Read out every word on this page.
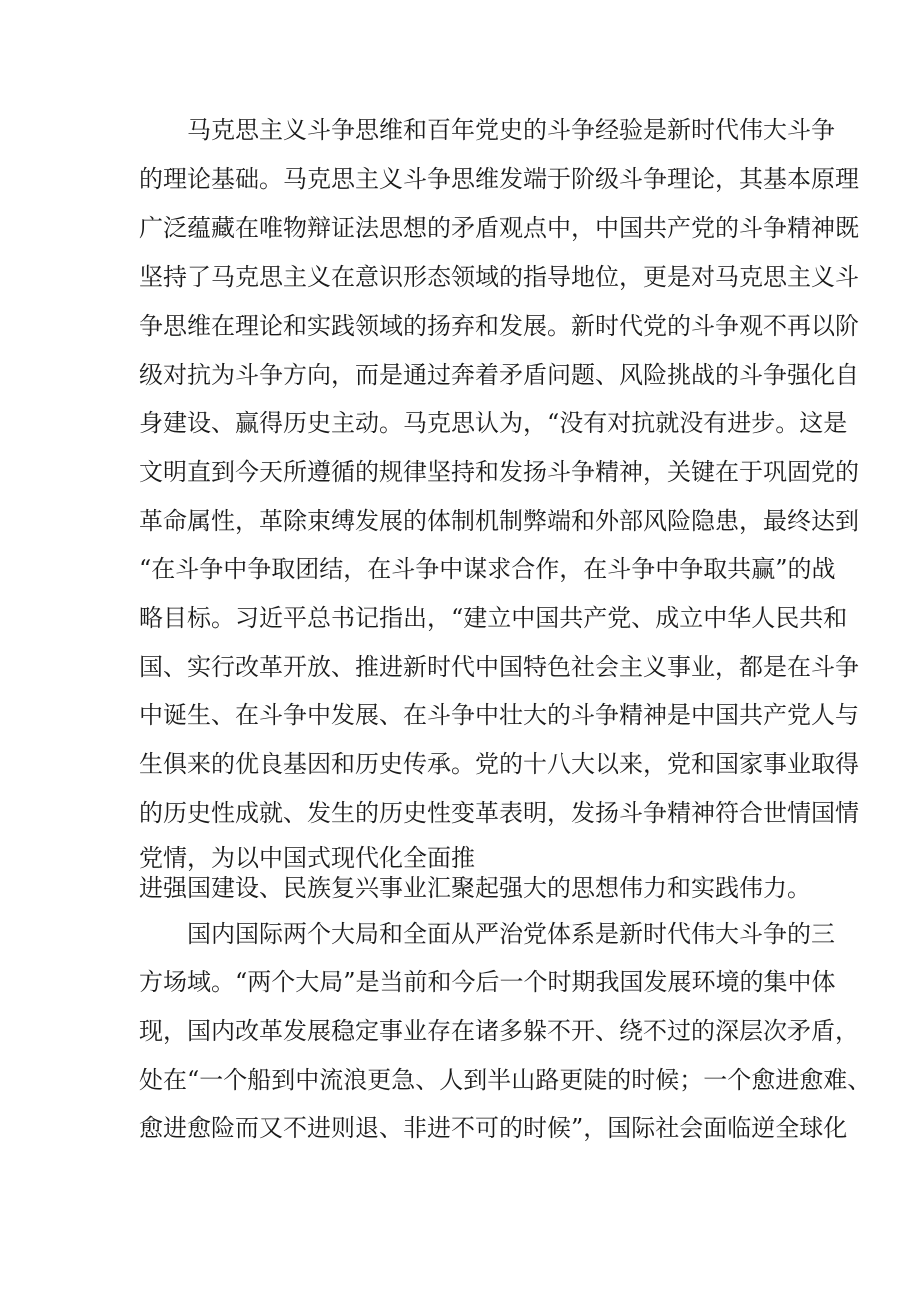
马克思主义斗争思维和百年党史的斗争经验是新时代伟大斗争
的理论基础。马克思主义斗争思维发端于阶级斗争理论，其基本原理
广泛蕴藏在唯物辩证法思想的矛盾观点中，中国共产党的斗争精神既
坚持了马克思主义在意识形态领域的指导地位，更是对马克思主义斗
争思维在理论和实践领域的扬弃和发展。新时代党的斗争观不再以阶
级对抗为斗争方向，而是通过奔着矛盾问题、风险挑战的斗争强化自
身建设、赢得历史主动。马克思认为，“没有对抗就没有进步。这是
文明直到今天所遵循的规律坚持和发扬斗争精神，关键在于巩固党的
革命属性，革除束缚发展的体制机制弊端和外部风险隐患，最终达到
“在斗争中争取团结，在斗争中谋求合作，在斗争中争取共赢”的战
略目标。习近平总书记指出，“建立中国共产党、成立中华人民共和
国、实行改革开放、推进新时代中国特色社会主义事业，都是在斗争
中诞生、在斗争中发展、在斗争中壮大的斗争精神是中国共产党人与
生俱来的优良基因和历史传承。党的十八大以来，党和国家事业取得
的历史性成就、发生的历史性变革表明，发扬斗争精神符合世情国情
党情，为以中国式现代化全面推
进强国建设、民族复兴事业汇聚起强大的思想伟力和实践伟力。
国内国际两个大局和全面从严治党体系是新时代伟大斗争的三
方场域。“两个大局”是当前和今后一个时期我国发展环境的集中体
现，国内改革发展稳定事业存在诸多躲不开、绕不过的深层次矛盾，
处在“一个船到中流浪更急、人到半山路更陡的时候；一个愈进愈难、
愈进愈险而又不进则退、非进不可的时候”，国际社会面临逆全球化
